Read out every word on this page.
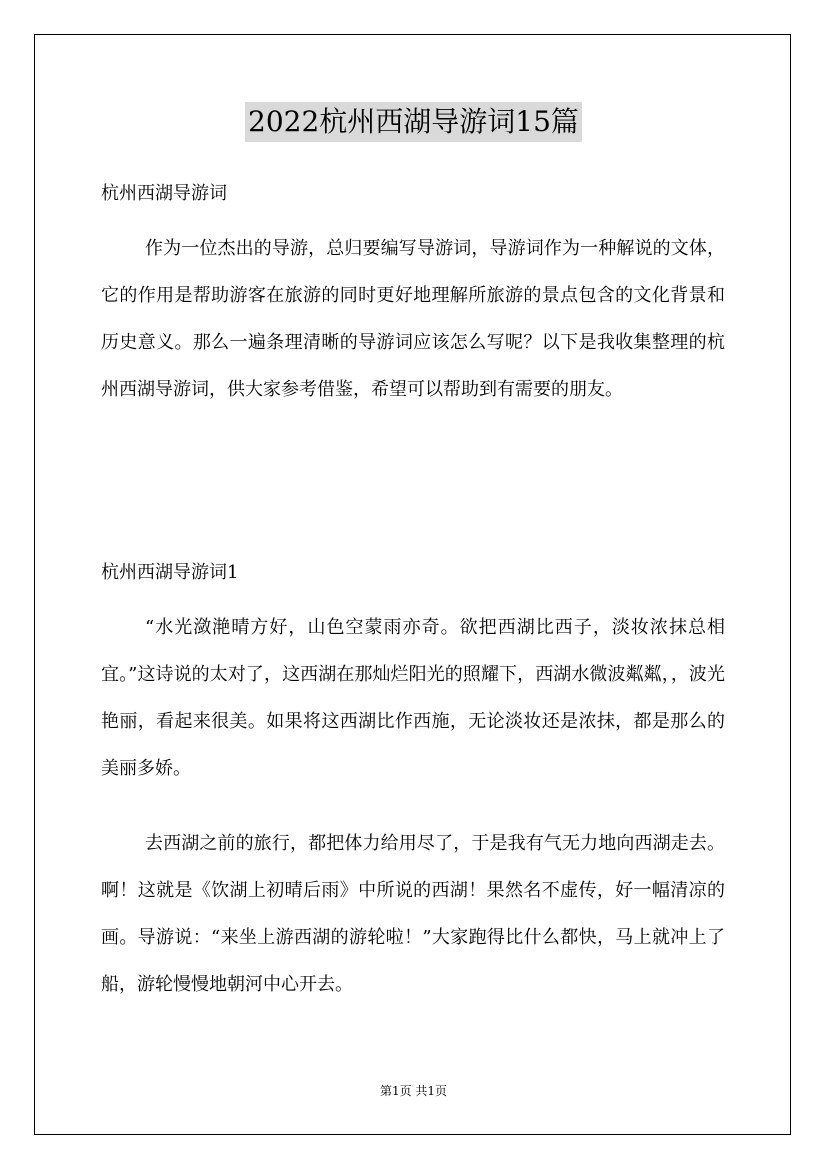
2022杭州西湖导游词15篇
杭州西湖导游词

作为一位杰出的导游，总归要编写导游词，导游词作为一种解说的文体，它的作用是帮助游客在旅游的同时更好地理解所旅游的景点包含的文化背景和历史意义。那么一遍条理清晰的导游词应该怎么写呢？以下是我收集整理的杭州西湖导游词，供大家参考借鉴，希望可以帮助到有需要的朋友。

杭州西湖导游词1

“水光潋滟晴方好，山色空蒙雨亦奇。欲把西湖比西子，淡妆浓抹总相宜。”这诗说的太对了，这西湖在那灿烂阳光的照耀下，西湖水微波粼粼，，波光艳丽，看起来很美。如果将这西湖比作西施，无论淡妆还是浓抹，都是那么的美丽多娇。

去西湖之前的旅行，都把体力给用尽了，于是我有气无力地向西湖走去。啊！这就是《饮湖上初晴后雨》中所说的西湖！果然名不虚传，好一幅清凉的画。导游说：“来坐上游西湖的游轮啦！”大家跑得比什么都快，马上就冲上了船，游轮慢慢地朝河中心开去。

第1页 共1页
